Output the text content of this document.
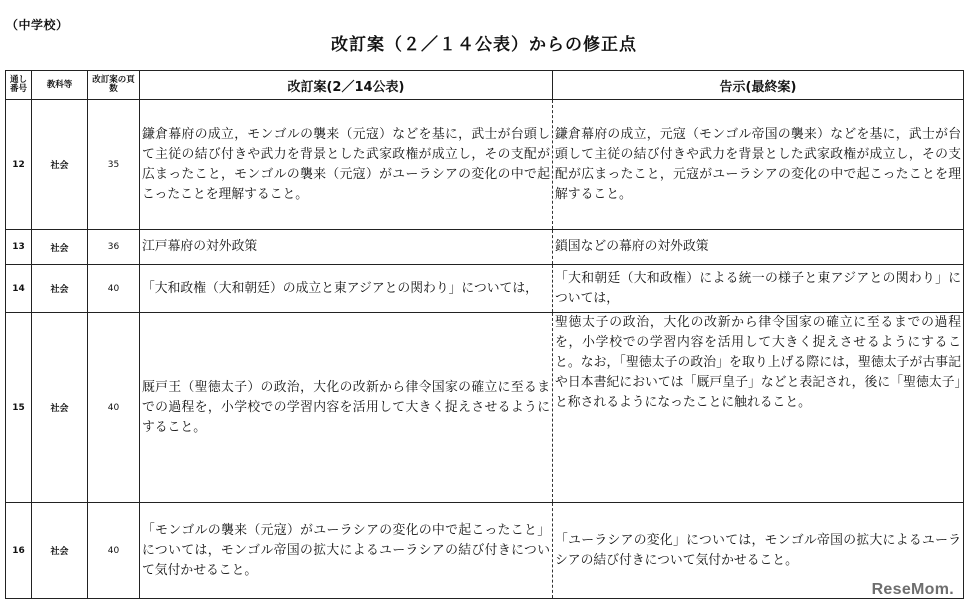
（中学校）
改訂案（２／１４公表）からの修正点
通し番号	教科等	改訂案の頁数	改訂案(2／14公表)	告示(最終案)
12	社会	35	鎌倉幕府の成立，モンゴルの襲来（元寇）などを基に，武士が台頭して主従の結び付きや武力を背景とした武家政権が成立し，その支配が広まったこと，モンゴルの襲来（元寇）がユーラシアの変化の中で起こったことを理解すること。	鎌倉幕府の成立，元寇（モンゴル帝国の襲来）などを基に，武士が台頭して主従の結び付きや武力を背景とした武家政権が成立し，その支配が広まったこと，元寇がユーラシアの変化の中で起こったことを理解すること。
13	社会	36	江戸幕府の対外政策	鎖国などの幕府の対外政策
14	社会	40	「大和政権（大和朝廷）の成立と東アジアとの関わり」については，	「大和朝廷（大和政権）による統一の様子と東アジアとの関わり」については，
15	社会	40	厩戸王（聖徳太子）の政治，大化の改新から律令国家の確立に至るまでの過程を，小学校での学習内容を活用して大きく捉えさせるようにすること。	聖徳太子の政治，大化の改新から律令国家の確立に至るまでの過程を，小学校での学習内容を活用して大きく捉えさせるようにすること。なお，「聖徳太子の政治」を取り上げる際には，聖徳太子が古事記や日本書紀においては「厩戸皇子」などと表記され，後に「聖徳太子」と称されるようになったことに触れること。
16	社会	40	「モンゴルの襲来（元寇）がユーラシアの変化の中で起こったこと」については，モンゴル帝国の拡大によるユーラシアの結び付きについて気付かせること。	「ユーラシアの変化」については，モンゴル帝国の拡大によるユーラシアの結び付きについて気付かせること。
ReseMom.
